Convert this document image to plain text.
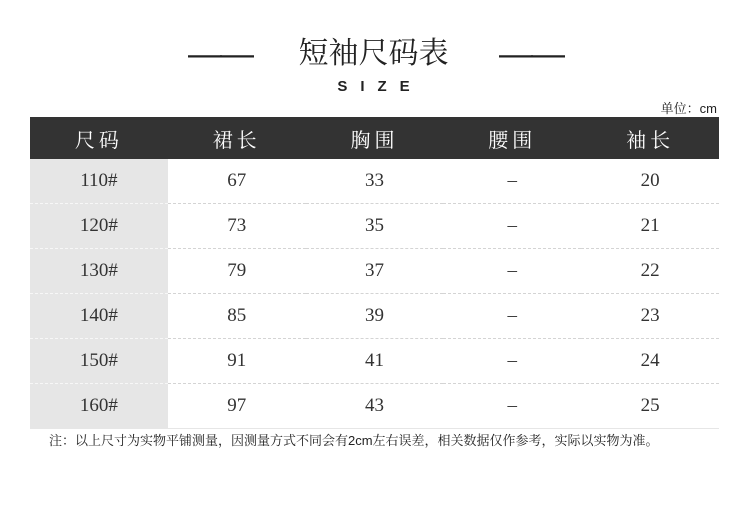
——	短袖尺码表	——
SIZE
单位：cm
尺码	裙长	胸围	腰围	袖长
110#	67	33	–	20
120#	73	35	–	21
130#	79	37	–	22
140#	85	39	–	23
150#	91	41	–	24
160#	97	43	–	25
注：以上尺寸为实物平铺测量，因测量方式不同会有2cm左右误差，相关数据仅作参考，实际以实物为准。
